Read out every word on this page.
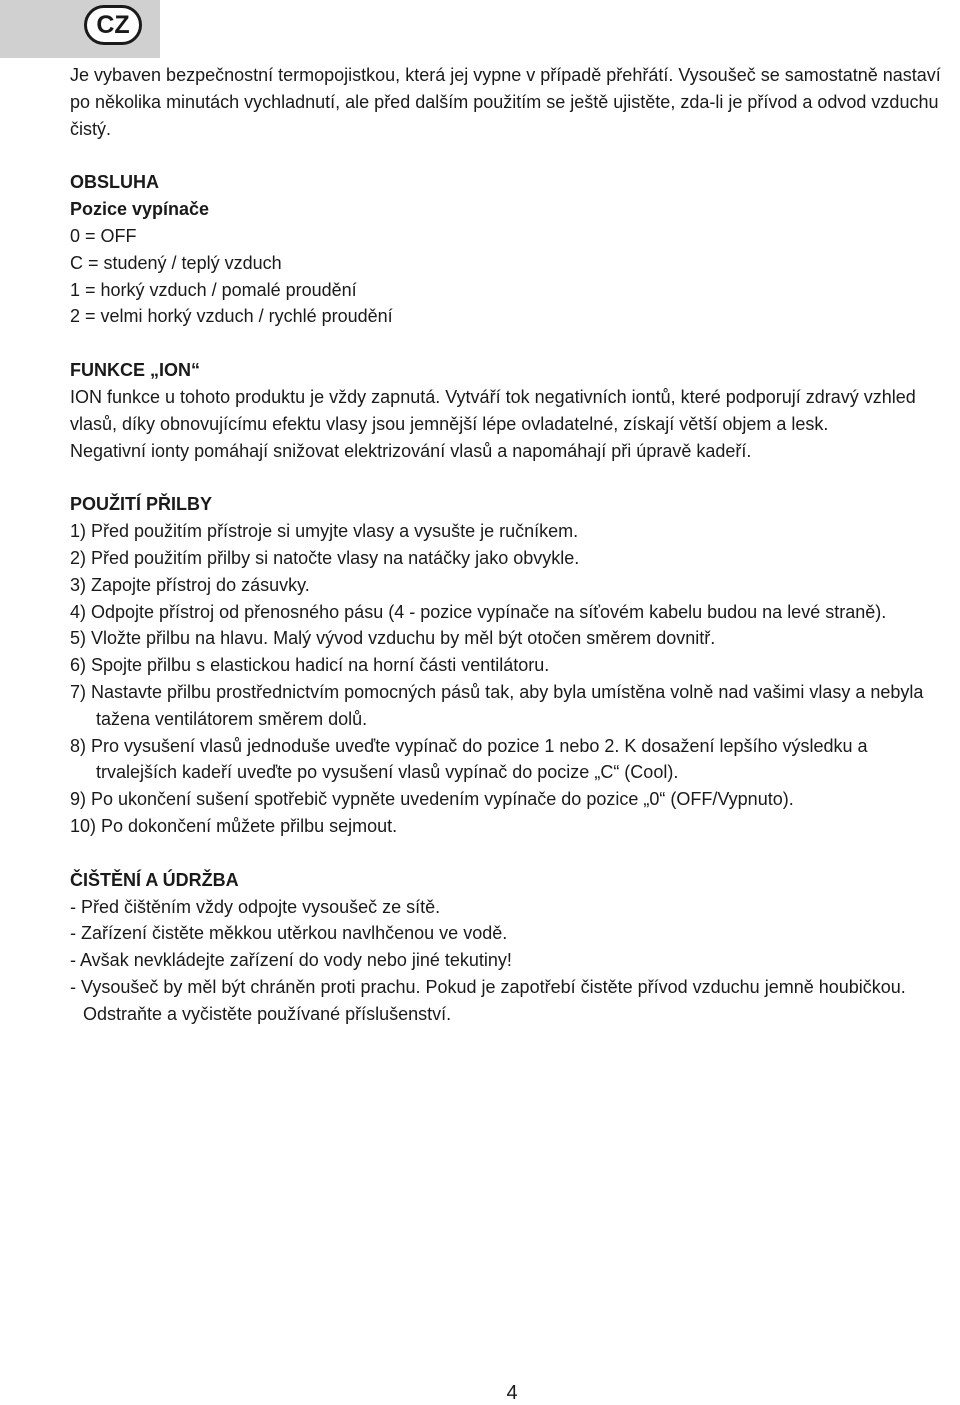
CZ

Je vybaven bezpečnostní termopojistkou, která jej vypne v případě přehřátí. Vysoušeč se samostatně nastaví po několika minutách vychladnutí, ale před dalším použitím se ještě ujistěte, zda-li je přívod a odvod vzduchu čistý.

OBSLUHA

Pozice vypínače

0 = OFF

C = studený / teplý vzduch

1 = horký vzduch / pomalé proudění

2 = velmi horký vzduch / rychlé proudění

FUNKCE „ION“

ION funkce u tohoto produktu je vždy zapnutá. Vytváří tok negativních iontů, které podporují zdravý vzhled vlasů, díky obnovujícímu efektu vlasy jsou jemnější lépe ovladatelné, získají větší objem a lesk.

Negativní ionty pomáhají snižovat elektrizování vlasů a napomáhají při úpravě kadeří.

POUŽITÍ PŘILBY

1) Před použitím přístroje si umyjte vlasy a vysušte je ručníkem.

2) Před použitím přilby si natočte vlasy na natáčky jako obvykle.

3) Zapojte přístroj do zásuvky.

4) Odpojte přístroj od přenosného pásu (4 - pozice vypínače na síťovém kabelu budou na levé straně).

5) Vložte přilbu na hlavu. Malý vývod vzduchu by měl být otočen směrem dovnitř.

6) Spojte přilbu s elastickou hadicí na horní části ventilátoru.

7) Nastavte přilbu prostřednictvím pomocných pásů tak, aby byla umístěna volně nad vašimi vlasy a nebyla tažena ventilátorem směrem dolů.

8) Pro vysušení vlasů jednoduše uveďte vypínač do pozice 1 nebo 2. K dosažení lepšího výsledku a trvalejších kadeří uveďte po vysušení vlasů vypínač do pocize „C“ (Cool).

9) Po ukončení sušení spotřebič vypněte uvedením vypínače do pozice „0“ (OFF/Vypnuto).

10) Po dokončení můžete přilbu sejmout.

ČIŠTĚNÍ A ÚDRŽBA

- Před čištěním vždy odpojte vysoušeč ze sítě.

- Zařízení čistěte měkkou utěrkou navlhčenou ve vodě.

- Avšak nevkládejte zařízení do vody nebo jiné tekutiny!

- Vysoušeč by měl být chráněn proti prachu. Pokud je zapotřebí čistěte přívod vzduchu jemně houbičkou. Odstraňte a vyčistěte používané příslušenství.

4
